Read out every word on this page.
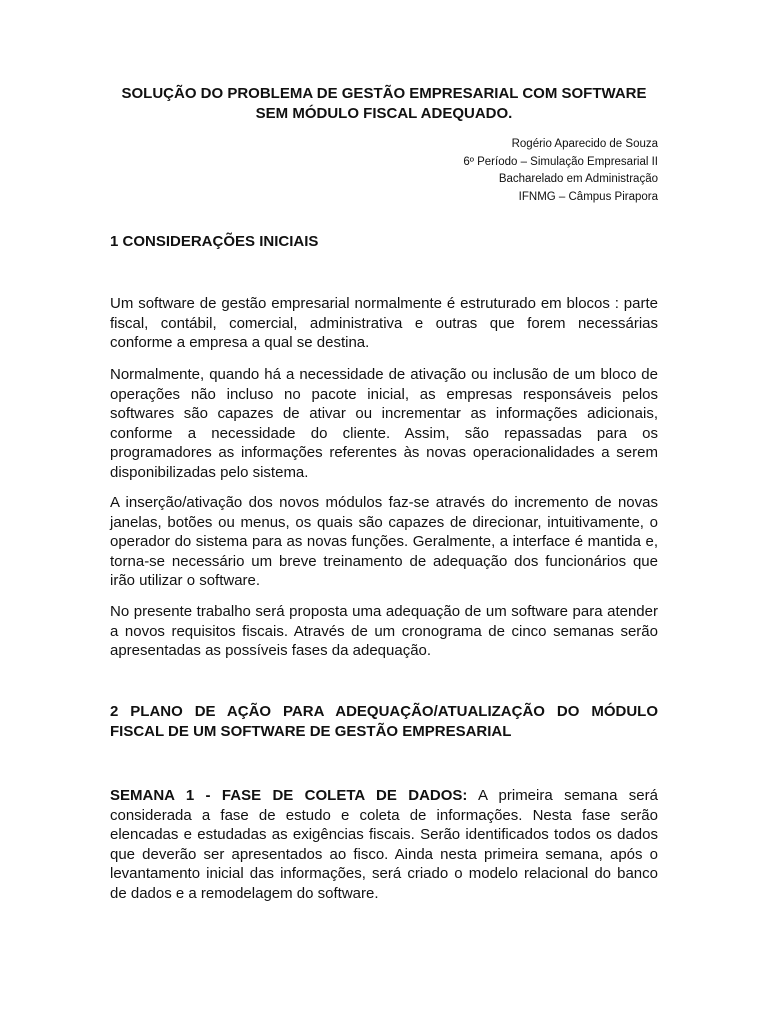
SOLUÇÃO DO PROBLEMA DE GESTÃO EMPRESARIAL COM SOFTWARE
SEM MÓDULO FISCAL ADEQUADO.
Rogério Aparecido de Souza
6º Período – Simulação Empresarial II
Bacharelado em Administração
IFNMG – Câmpus Pirapora
1 CONSIDERAÇÕES INICIAIS

Um software de gestão empresarial normalmente é estruturado em blocos : parte fiscal, contábil, comercial, administrativa e outras que forem necessárias conforme a empresa a qual se destina.

Normalmente, quando há a necessidade de ativação ou inclusão de um bloco de operações não incluso no pacote inicial, as empresas responsáveis pelos softwares são capazes de ativar ou incrementar as informações adicionais, conforme a necessidade do cliente. Assim, são repassadas para os programadores as informações referentes às novas operacionalidades a serem disponibilizadas pelo sistema.

A inserção/ativação dos novos módulos faz-se através do incremento de novas janelas, botões ou menus, os quais são capazes de direcionar, intuitivamente, o operador do sistema para as novas funções. Geralmente, a interface é mantida e, torna-se necessário um breve treinamento de adequação dos funcionários que irão utilizar o software.

No presente trabalho será proposta uma adequação de um software para atender a novos requisitos fiscais. Através de um cronograma de cinco semanas serão apresentadas as possíveis fases da adequação.

2 PLANO DE AÇÃO PARA ADEQUAÇÃO/ATUALIZAÇÃO DO MÓDULO FISCAL DE UM SOFTWARE DE GESTÃO EMPRESARIAL

SEMANA 1 - FASE DE COLETA DE DADOS: A primeira semana será considerada a fase de estudo e coleta de informações. Nesta fase serão elencadas e estudadas as exigências fiscais. Serão identificados todos os dados que deverão ser apresentados ao fisco. Ainda nesta primeira semana, após o levantamento inicial das informações, será criado o modelo relacional do banco de dados e a remodelagem do software.
